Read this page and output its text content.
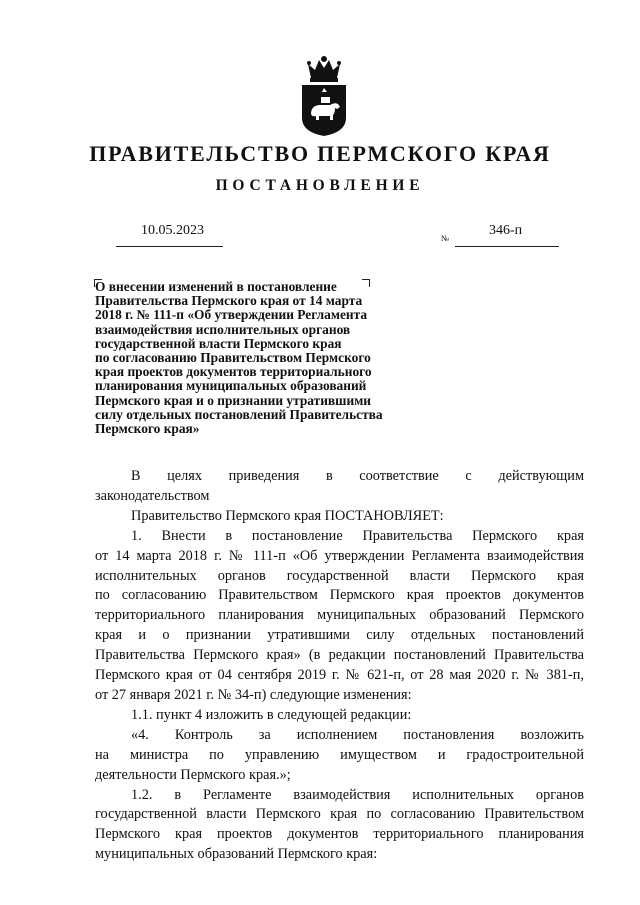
ПРАВИТЕЛЬСТВО ПЕРМСКОГО КРАЯ
ПОСТАНОВЛЕНИЕ
10.05.2023	№	346-п
О внесении изменений в постановление
Правительства Пермского края от 14 марта
2018 г. № 111-п «Об утверждении Регламента
взаимодействия исполнительных органов
государственной власти Пермского края
по согласованию Правительством Пермского
края проектов документов территориального
планирования муниципальных образований
Пермского края и о признании утратившими
силу отдельных постановлений Правительства
Пермского края»
В целях приведения в соответствие с действующим
законодательством
Правительство Пермского края ПОСТАНОВЛЯЕТ:
1. Внести в постановление Правительства Пермского края
от 14 марта 2018 г. № 111-п «Об утверждении Регламента взаимодействия
исполнительных органов государственной власти Пермского края
по согласованию Правительством Пермского края проектов документов
территориального планирования муниципальных образований Пермского
края и о признании утратившими силу отдельных постановлений
Правительства Пермского края» (в редакции постановлений Правительства
Пермского края от 04 сентября 2019 г. № 621-п, от 28 мая 2020 г. № 381-п,
от 27 января 2021 г. № 34-п) следующие изменения:
1.1. пункт 4 изложить в следующей редакции:
«4. Контроль за исполнением постановления возложить
на министра по управлению имуществом и градостроительной
деятельности Пермского края.»;
1.2. в Регламенте взаимодействия исполнительных органов
государственной власти Пермского края по согласованию Правительством
Пермского края проектов документов территориального планирования
муниципальных образований Пермского края:
